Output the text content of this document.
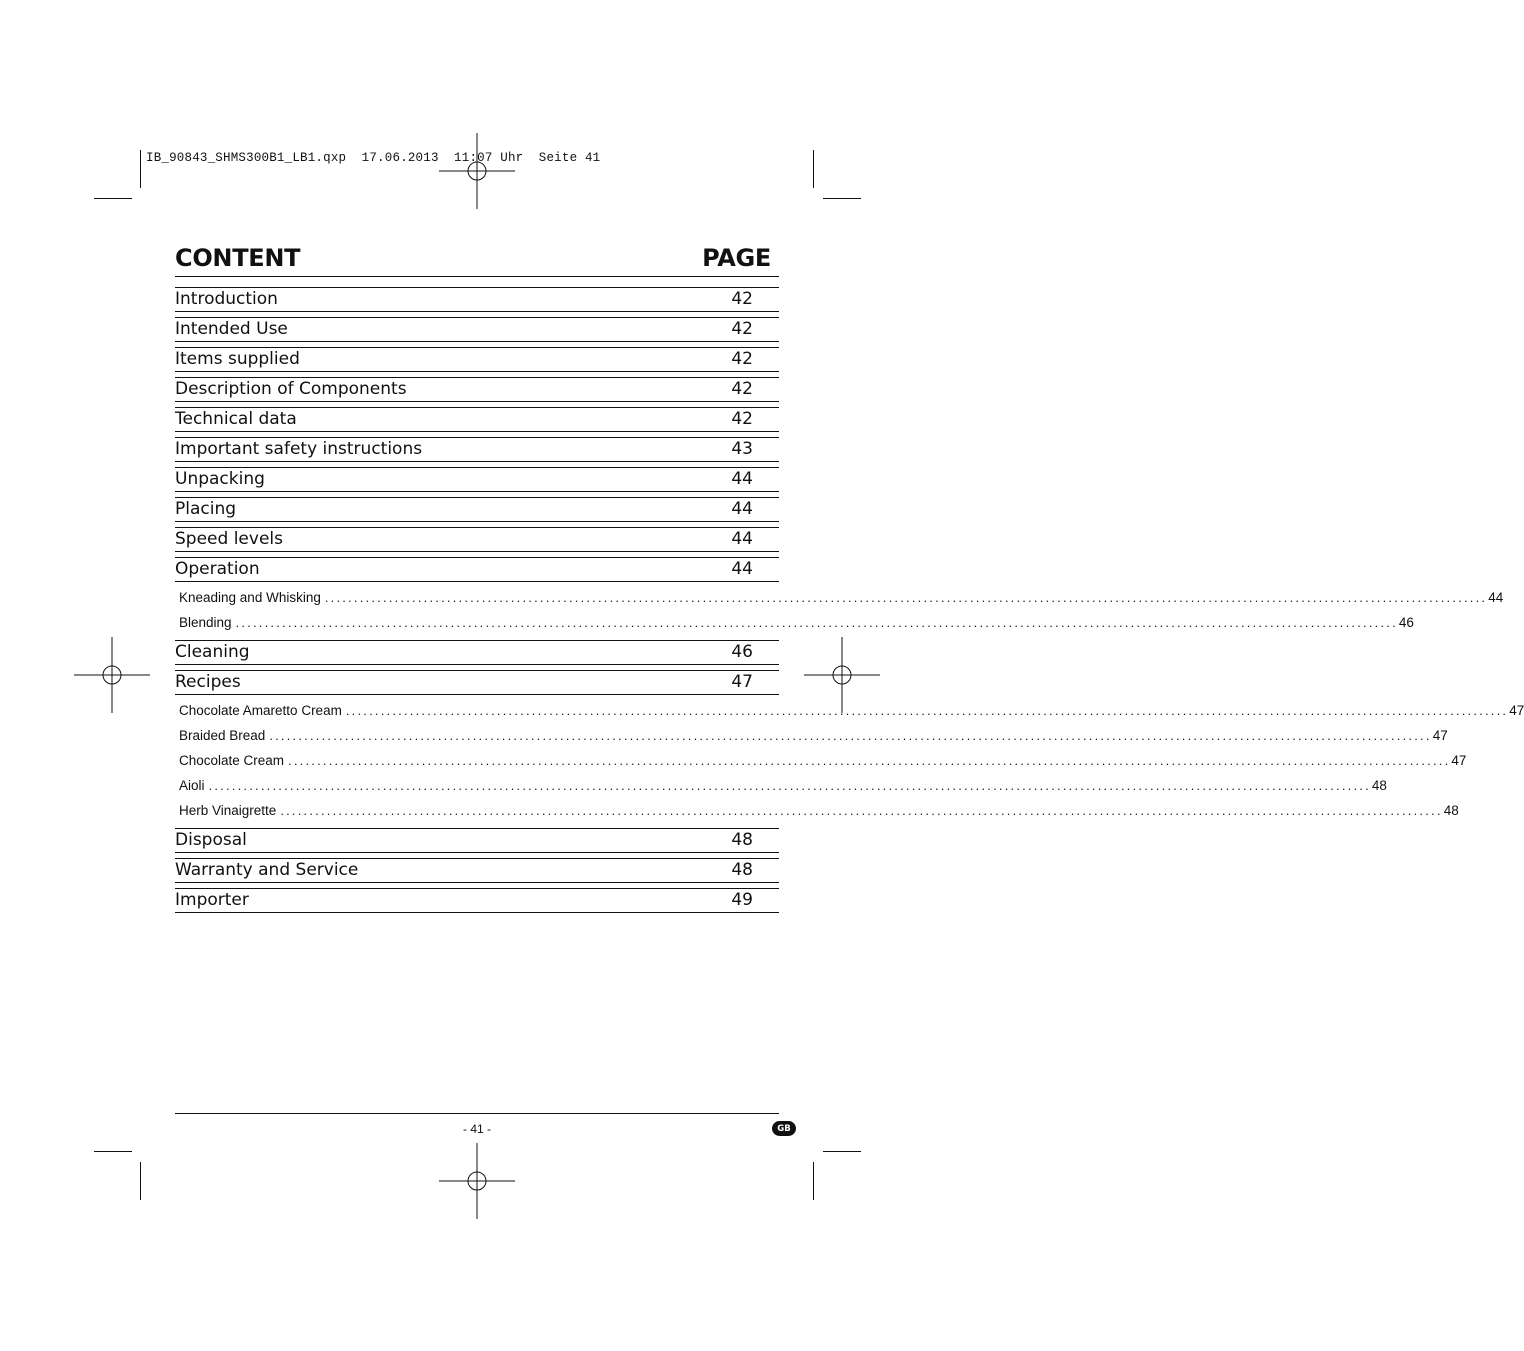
IB_90843_SHMS300B1_LB1.qxp  17.06.2013  11:07 Uhr  Seite 41
CONTENT	PAGE
Introduction	42
Intended Use	42
Items supplied	42
Description of Components	42
Technical data	42
Important safety instructions	43
Unpacking	44
Placing	44
Speed levels	44
Operation	44
Kneading and Whisking ........................................................................................................................................................................................................ 44
Blending ........................................................................................................................................................................................................ 46
Cleaning	46
Recipes	47
Chocolate Amaretto Cream ........................................................................................................................................................................................................ 47
Braided Bread ........................................................................................................................................................................................................ 47
Chocolate Cream ........................................................................................................................................................................................................ 47
Aioli ........................................................................................................................................................................................................ 48
Herb Vinaigrette ........................................................................................................................................................................................................ 48
Disposal	48
Warranty and Service	48
Importer	49
- 41 -	GB
